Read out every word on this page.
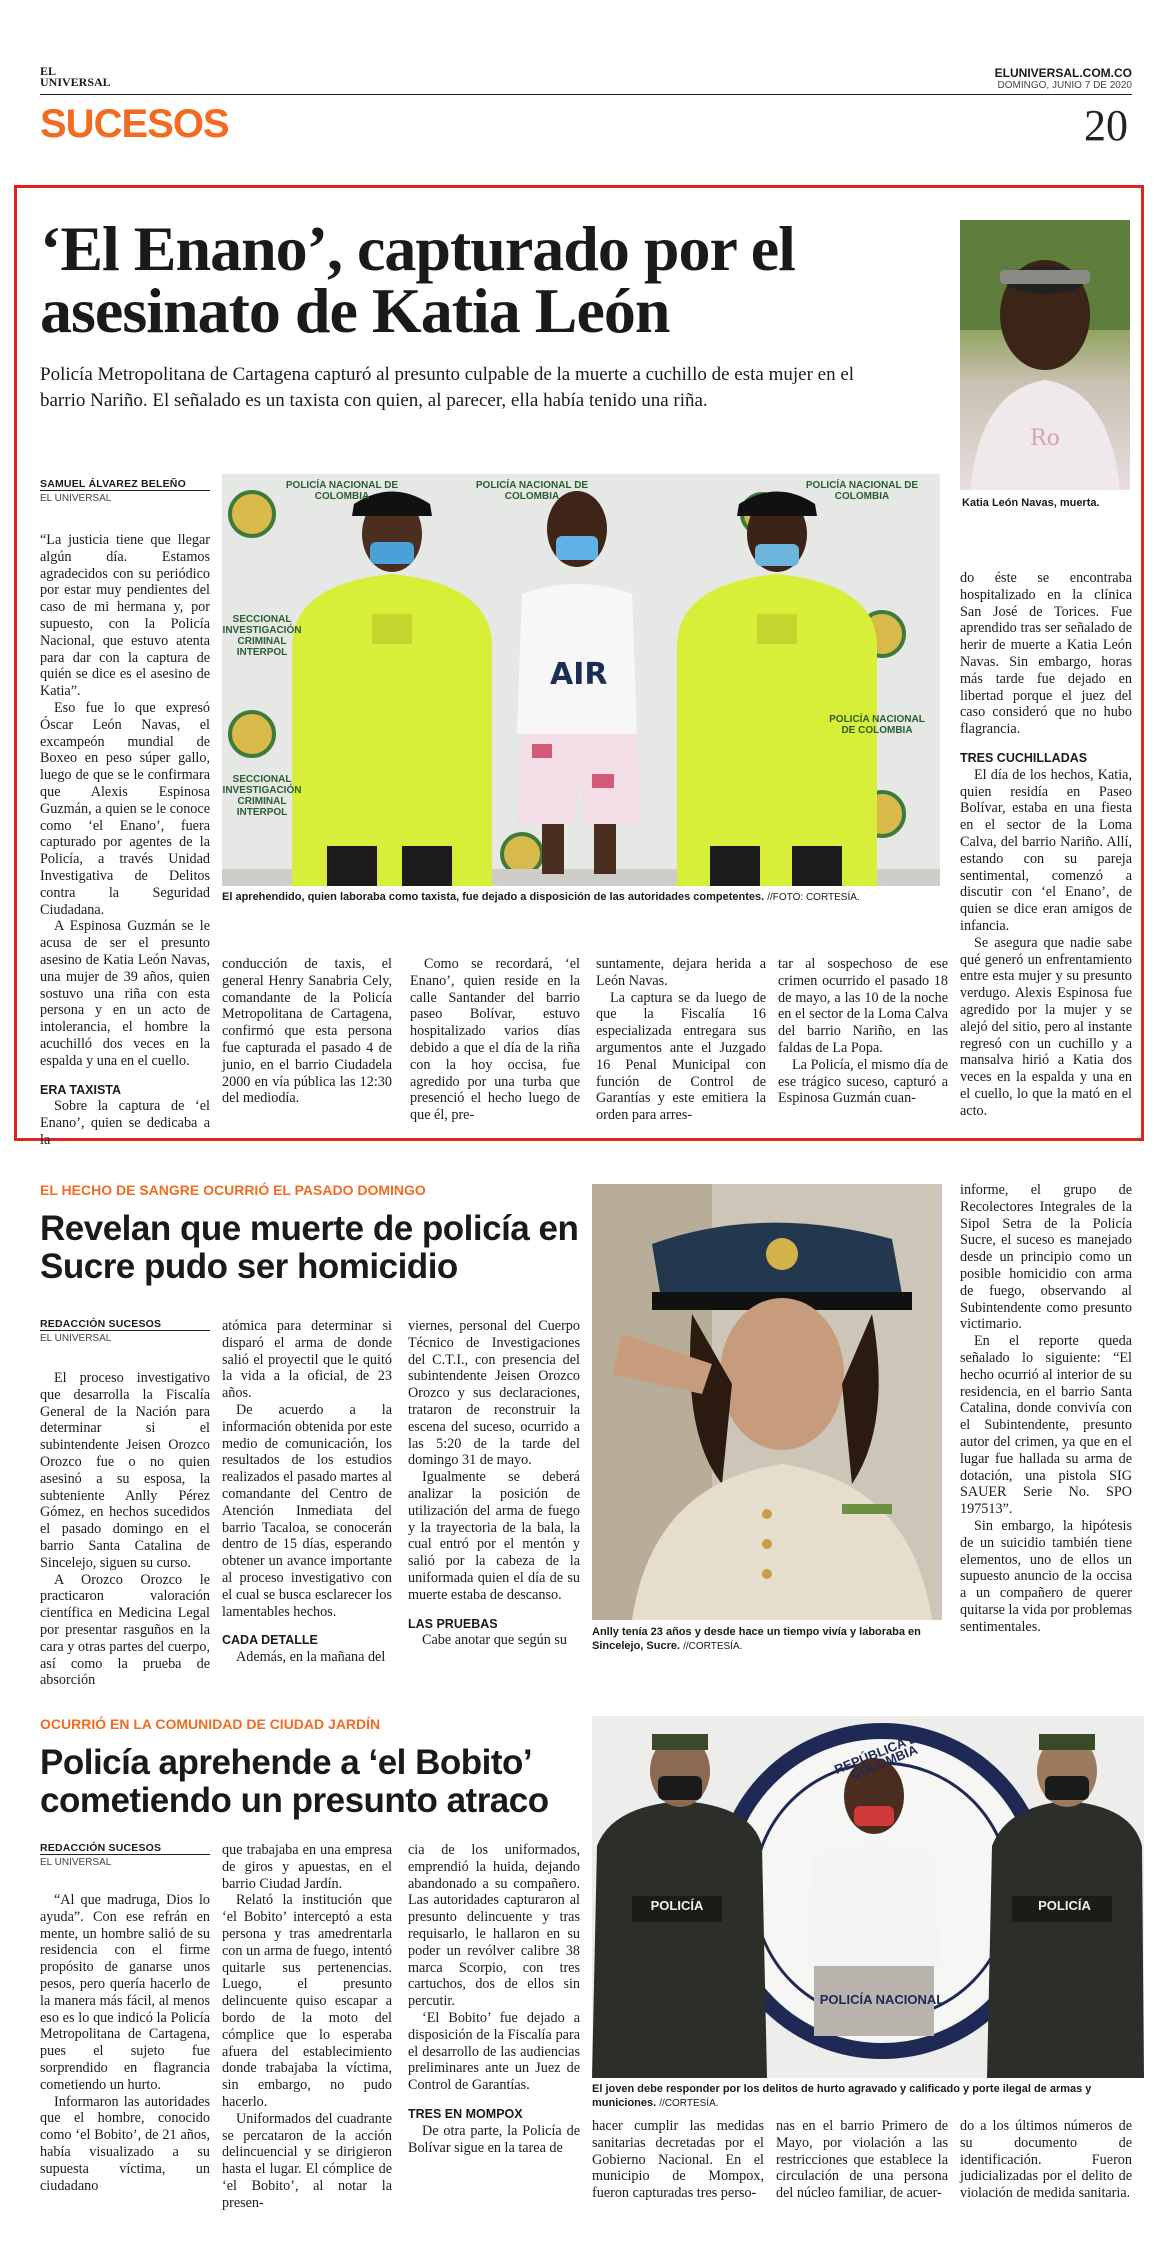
EL
UNIVERSAL
ELUNIVERSAL.COM.CO
DOMINGO, JUNIO 7 DE 2020
SUCESOS	20
‘El Enano’, capturado por el asesinato de Katia León
Policía Metropolitana de Cartagena capturó al presunto culpable de la muerte a cuchillo de esta mujer en el barrio Nariño. El señalado es un taxista con quien, al parecer, ella había tenido una riña.
Ro
Katia León Navas, muerta.
SAMUEL ÁLVAREZ BELEÑO
EL UNIVERSAL

“La justicia tiene que llegar algún día. Estamos agradecidos con su periódico por estar muy pendientes del caso de mi hermana y, por supuesto, con la Policía Nacional, que estuvo atenta para dar con la captura de quién se dice es el asesino de Katia”.

Eso fue lo que expresó Óscar León Navas, el excampeón mundial de Boxeo en peso súper gallo, luego de que se le confirmara que Alexis Espinosa Guzmán, a quien se le conoce como ‘el Enano’, fuera capturado por agentes de la Policía, a través Unidad Investigativa de Delitos contra la Seguridad Ciudadana.

A Espinosa Guzmán se le acusa de ser el presunto asesino de Katia León Navas, una mujer de 39 años, quien sostuvo una riña con esta persona y en un acto de intolerancia, el hombre la acuchilló dos veces en la espalda y una en el cuello.

ERA TAXISTA

Sobre la captura de ‘el Enano’, quien se dedicaba a la

AIR
POLICÍA NACIONAL DE COLOMBIA
POLICÍA NACIONAL DE COLOMBIA
POLICÍA NACIONAL DE COLOMBIA
SECCIONAL INVESTIGACIÓN CRIMINAL INTERPOL
SECCIONAL INVESTIGACIÓN CRIMINAL INTERPOL
POLICÍA NACIONAL DE COLOMBIA
El aprehendido, quien laboraba como taxista, fue dejado a disposición de las autoridades competentes. //FOTO: CORTESÍA.

conducción de taxis, el general Henry Sanabria Cely, comandante de la Policía Metropolitana de Cartagena, confirmó que esta persona fue capturada el pasado 4 de junio, en el barrio Ciudadela 2000 en vía pública las 12:30 del mediodía.

Como se recordará, ‘el Enano’, quien reside en la calle Santander del barrio paseo Bolívar, estuvo hospitalizado varios días debido a que el día de la riña con la hoy occisa, fue agredido por una turba que presenció el hecho luego de que él, pre-

suntamente, dejara herida a León Navas.

La captura se da luego de que la Fiscalía 16 especializada entregara sus argumentos ante el Juzgado 16 Penal Municipal con función de Control de Garantías y este emitiera la orden para arres-

tar al sospechoso de ese crimen ocurrido el pasado 18 de mayo, a las 10 de la noche en el sector de la Loma Calva del barrio Nariño, en las faldas de La Popa.

La Policía, el mismo día de ese trágico suceso, capturó a Espinosa Guzmán cuan-

do éste se encontraba hospitalizado en la clínica San José de Torices. Fue aprendido tras ser señalado de herir de muerte a Katia León Navas. Sin embargo, horas más tarde fue dejado en libertad porque el juez del caso consideró que no hubo flagrancia.

TRES CUCHILLADAS

El día de los hechos, Katia, quien residía en Paseo Bolívar, estaba en una fiesta en el sector de la Loma Calva, del barrio Nariño. Allí, estando con su pareja sentimental, comenzó a discutir con ‘el Enano’, de quien se dice eran amigos de infancia.

Se asegura que nadie sabe qué generó un enfrentamiento entre esta mujer y su presunto verdugo. Alexis Espinosa fue agredido por la mujer y se alejó del sitio, pero al instante regresó con un cuchillo y a mansalva hirió a Katia dos veces en la espalda y una en el cuello, lo que la mató en el acto.

EL HECHO DE SANGRE OCURRIÓ EL PASADO DOMINGO
Revelan que muerte de policía en Sucre pudo ser homicidio
REDACCIÓN SUCESOS
EL UNIVERSAL

El proceso investigativo que desarrolla la Fiscalía General de la Nación para determinar si el subintendente Jeisen Orozco Orozco fue o no quien asesinó a su esposa, la subteniente Anlly Pérez Gómez, en hechos sucedidos el pasado domingo en el barrio Santa Catalina de Sincelejo, siguen su curso.

A Orozco Orozco le practicaron valoración científica en Medicina Legal por presentar rasguños en la cara y otras partes del cuerpo, así como la prueba de absorción

atómica para determinar si disparó el arma de donde salió el proyectil que le quitó la vida a la oficial, de 23 años.

De acuerdo a la información obtenida por este medio de comunicación, los resultados de los estudios realizados el pasado martes al comandante del Centro de Atención Inmediata del barrio Tacaloa, se conocerán dentro de 15 días, esperando obtener un avance importante al proceso investigativo con el cual se busca esclarecer los lamentables hechos.

CADA DETALLE

Además, en la mañana del

viernes, personal del Cuerpo Técnico de Investigaciones del C.T.I., con presencia del subintendente Jeisen Orozco Orozco y sus declaraciones, trataron de reconstruir la escena del suceso, ocurrido a las 5:20 de la tarde del domingo 31 de mayo.

Igualmente se deberá analizar la posición de utilización del arma de fuego y la trayectoria de la bala, la cual entró por el mentón y salió por la cabeza de la uniformada quien el día de su muerte estaba de descanso.

LAS PRUEBAS

Cabe anotar que según su

Anlly tenía 23 años y desde hace un tiempo vivía y laboraba en Sincelejo, Sucre. //CORTESÍA.

informe, el grupo de Recolectores Integrales de la Sipol Setra de la Policía Sucre, el suceso es manejado desde un principio como un posible homicidio con arma de fuego, observando al Subintendente como presunto victimario.

En el reporte queda señalado lo siguiente: “El hecho ocurrió al interior de su residencia, en el barrio Santa Catalina, donde convivía con el Subintendente, presunto autor del crimen, ya que en el lugar fue hallada su arma de dotación, una pistola SIG SAUER Serie No. SPO 197513”.

Sin embargo, la hipótesis de un suicidio también tiene elementos, uno de ellos un supuesto anuncio de la occisa a un compañero de querer quitarse la vida por problemas sentimentales.

OCURRIÓ EN LA COMUNIDAD DE CIUDAD JARDÍN
Policía aprehende a ‘el Bobito’ cometiendo un presunto atraco
REDACCIÓN SUCESOS
EL UNIVERSAL

“Al que madruga, Dios lo ayuda”. Con ese refrán en mente, un hombre salió de su residencia con el firme propósito de ganarse unos pesos, pero quería hacerlo de la manera más fácil, al menos eso es lo que indicó la Policía Metropolitana de Cartagena, pues el sujeto fue sorprendido en flagrancia cometiendo un hurto.

Informaron las autoridades que el hombre, conocido como ‘el Bobito’, de 21 años, había visualizado a su supuesta víctima, un ciudadano

que trabajaba en una empresa de giros y apuestas, en el barrio Ciudad Jardín.

Relató la institución que ‘el Bobito’ interceptó a esta persona y tras amedrentarla con un arma de fuego, intentó quitarle sus pertenencias. Luego, el presunto delincuente quiso escapar a bordo de la moto del cómplice que lo esperaba afuera del establecimiento donde trabajaba la víctima, sin embargo, no pudo hacerlo.

Uniformados del cuadrante se percataron de la acción delincuencial y se dirigieron hasta el lugar. El cómplice de ‘el Bobito’, al notar la presen-

cia de los uniformados, emprendió la huida, dejando abandonado a su compañero. Las autoridades capturaron al presunto delincuente y tras requisarlo, le hallaron en su poder un revólver calibre 38 marca Scorpio, con tres cartuchos, dos de ellos sin percutir.

‘El Bobito’ fue dejado a disposición de la Fiscalía para el desarrollo de las audiencias preliminares ante un Juez de Control de Garantías.

TRES EN MOMPOX

De otra parte, la Policía de Bolívar sigue en la tarea de

REPÚBLICA DE COLOMBIA
POLICÍA NACIONAL
POLICÍA	POLICÍA
El joven debe responder por los delitos de hurto agravado y calificado y porte ilegal de armas y municiones. //CORTESÍA.

hacer cumplir las medidas sanitarias decretadas por el Gobierno Nacional. En el municipio de Mompox, fueron capturadas tres perso-

nas en el barrio Primero de Mayo, por violación a las restricciones que establece la circulación de una persona del núcleo familiar, de acuer-

do a los últimos números de su documento de identificación. Fueron judicializadas por el delito de violación de medida sanitaria.
